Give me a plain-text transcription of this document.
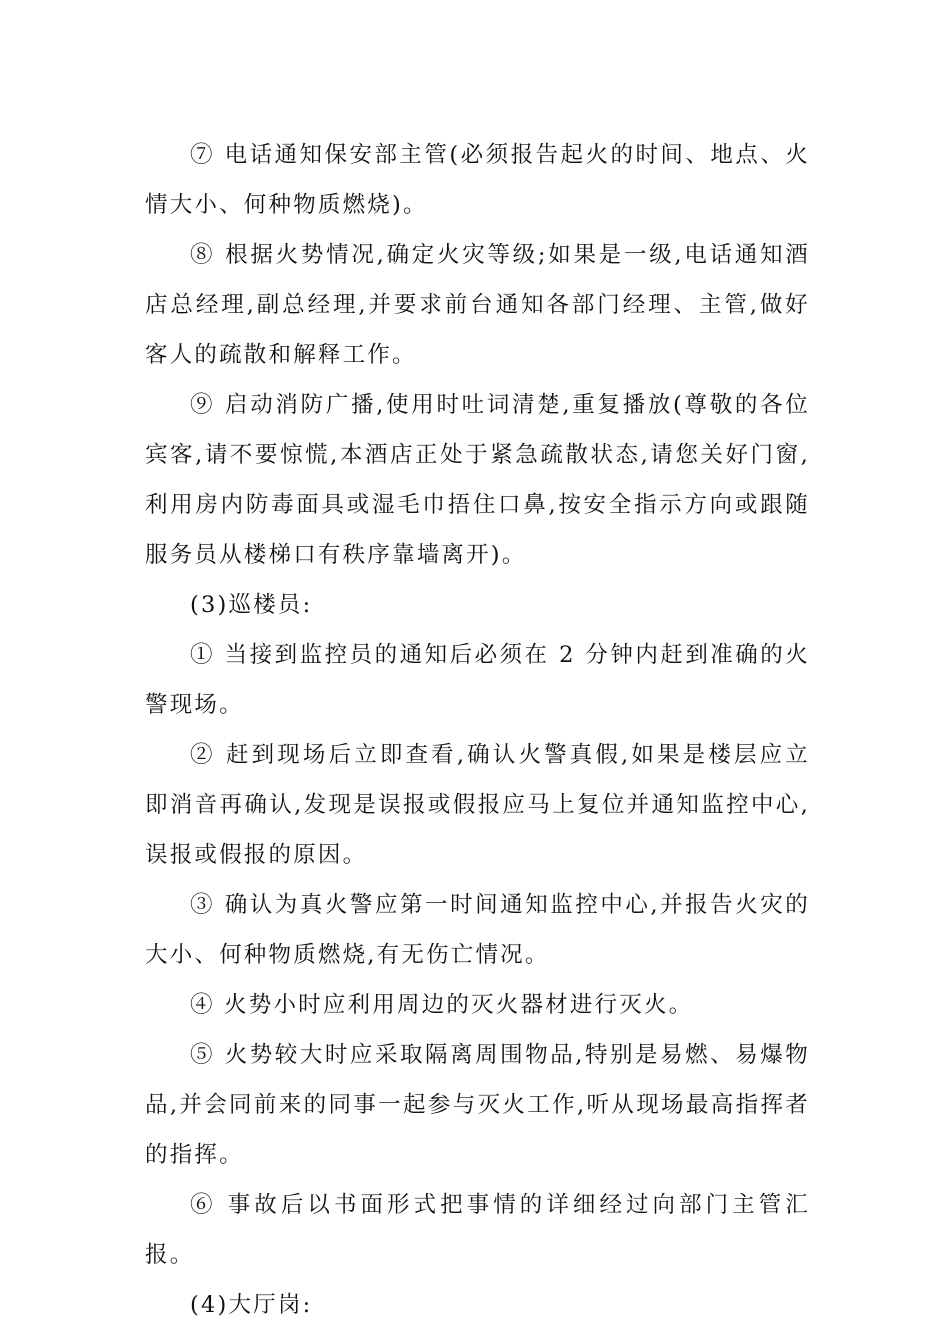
⑦ 电话通知保安部主管(必须报告起火的时间、地点、火情大小、何种物质燃烧)。

⑧ 根据火势情况,确定火灾等级;如果是一级,电话通知酒店总经理,副总经理,并要求前台通知各部门经理、主管,做好客人的疏散和解释工作。

⑨ 启动消防广播,使用时吐词清楚,重复播放(尊敬的各位宾客,请不要惊慌,本酒店正处于紧急疏散状态,请您关好门窗,利用房内防毒面具或湿毛巾捂住口鼻,按安全指示方向或跟随服务员从楼梯口有秩序靠墙离开)。

(3)巡楼员:

① 当接到监控员的通知后必须在 2 分钟内赶到准确的火警现场。

② 赶到现场后立即查看,确认火警真假,如果是楼层应立即消音再确认,发现是误报或假报应马上复位并通知监控中心,误报或假报的原因。

③ 确认为真火警应第一时间通知监控中心,并报告火灾的大小、何种物质燃烧,有无伤亡情况。

④ 火势小时应利用周边的灭火器材进行灭火。

⑤ 火势较大时应采取隔离周围物品,特别是易燃、易爆物品,并会同前来的同事一起参与灭火工作,听从现场最高指挥者的指挥。

⑥ 事故后以书面形式把事情的详细经过向部门主管汇报。

(4)大厅岗:
